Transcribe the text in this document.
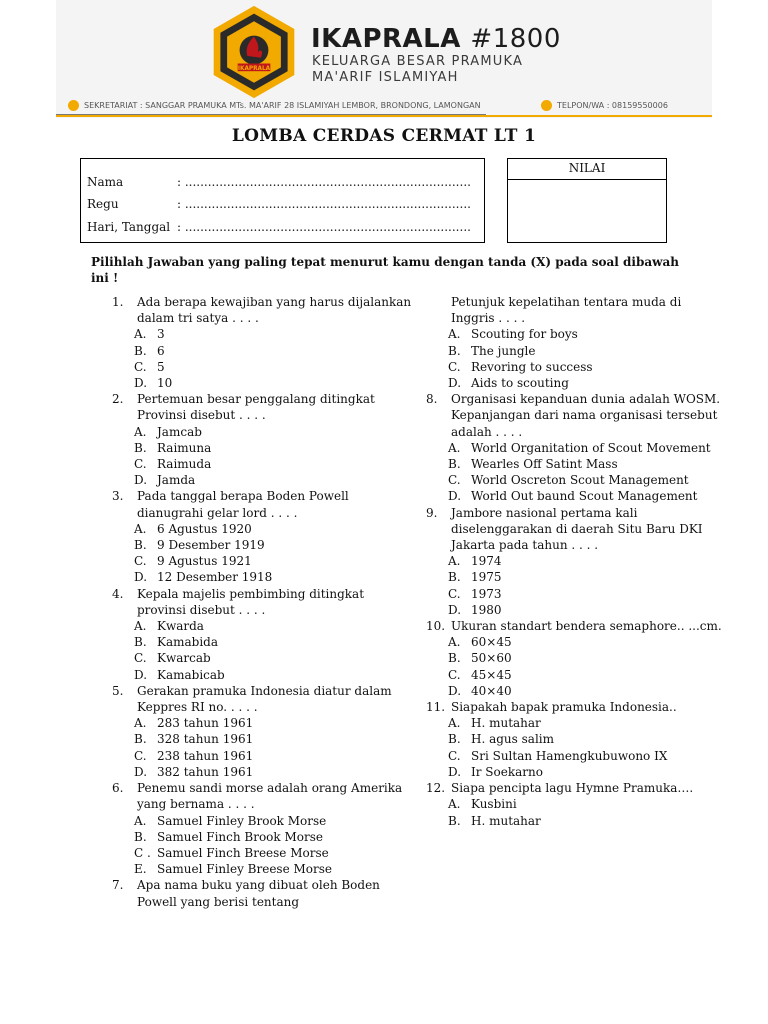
IKAPRALA
IKAPRALA #1800
KELUARGA BESAR PRAMUKA
MA'ARIF ISLAMIYAH
SEKRETARIAT : SANGGAR PRAMUKA MTs. MA'ARIF 28 ISLAMIYAH LEMBOR, BRONDONG, LAMONGAN	TELPON/WA : 08159550006
LOMBA CERDAS CERMAT LT 1
Nama	: ...........................................................................
Regu	: ...........................................................................
Hari, Tanggal : ...........................................................................
NILAI
Pilihlah Jawaban yang paling tepat menurut kamu dengan tanda (X) pada soal dibawah ini !
1.	Ada berapa kewajiban yang harus dijalankan dalam tri satya . . . .
A. 3
B. 6
C. 5
D. 10
2.	Pertemuan besar penggalang ditingkat Provinsi disebut . . . .
A. Jamcab
B. Raimuna
C. Raimuda
D. Jamda
3.	Pada tanggal berapa Boden Powell dianugrahi gelar lord . . . .
A. 6 Agustus 1920
B. 9 Desember 1919
C. 9 Agustus 1921
D. 12 Desember 1918
4.	Kepala majelis pembimbing ditingkat provinsi disebut . . . .
A. Kwarda
B. Kamabida
C. Kwarcab
D. Kamabicab
5.	Gerakan pramuka Indonesia diatur dalam Keppres RI no. . . . .
A. 283 tahun 1961
B. 328 tahun 1961
C. 238 tahun 1961
D. 382 tahun 1961
6.	Penemu sandi morse adalah orang Amerika yang bernama . . . .
A. Samuel Finley Brook Morse
B. Samuel Finch Brook Morse
C . Samuel Finch Breese Morse
E. Samuel Finley Breese Morse
7.	Apa nama buku yang dibuat oleh Boden Powell yang berisi tentang
Petunjuk kepelatihan tentara muda di Inggris . . . .
A. Scouting for boys
B. The jungle
C. Revoring to success
D. Aids to scouting
8.	Organisasi kepanduan dunia adalah WOSM. Kepanjangan dari nama organisasi tersebut adalah . . . .
A. World Organitation of Scout Movement
B. Wearles Off Satint Mass
C. World Oscreton Scout Management
D. World Out baund Scout Management
9.	Jambore nasional pertama kali diselenggarakan di daerah Situ Baru DKI Jakarta pada tahun . . . .
A. 1974
B. 1975
C. 1973
D. 1980
10. Ukuran standart bendera semaphore.. ...cm.
A. 60×45
B. 50×60
C. 45×45
D. 40×40
11. Siapakah bapak pramuka Indonesia..
A. H. mutahar
B. H. agus salim
C. Sri Sultan Hamengkubuwono IX
D. Ir Soekarno
12. Siapa pencipta lagu Hymne Pramuka….
A. Kusbini
B. H. mutahar
